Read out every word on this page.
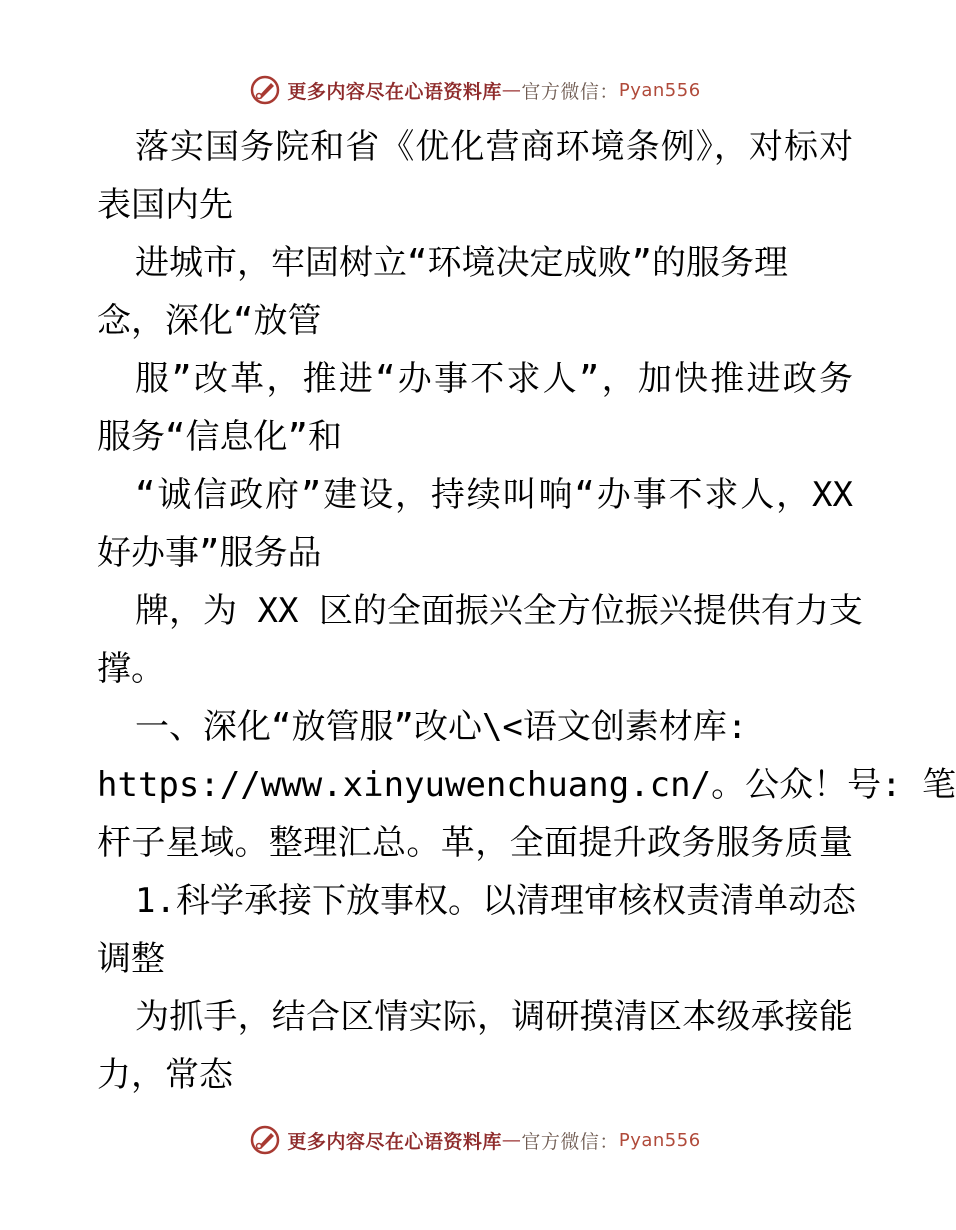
更多内容尽在心语资料库 — 官方微信： Pyan556
落实国务院和省《优化营商环境条例》，对标对
表国内先
进城市，牢固树立“环境决定成败”的服务理
念，深化“放管
服”改革，推进“办事不求人”，加快推进政务
服务“信息化”和
“诚信政府”建设，持续叫响“办事不求人，XX
好办事”服务品
牌，为 XX 区的全面振兴全方位振兴提供有力支
撑。
一、深化“放管服”改心\<语文创素材库:
https://www.xinyuwenchuang.cn/。公众！号: 笔
杆子星域。整理汇总。革，全面提升政务服务质量
1.科学承接下放事权。以清理审核权责清单动态
调整
为抓手，结合区情实际，调研摸清区本级承接能
力，常态
更多内容尽在心语资料库 — 官方微信： Pyan556
